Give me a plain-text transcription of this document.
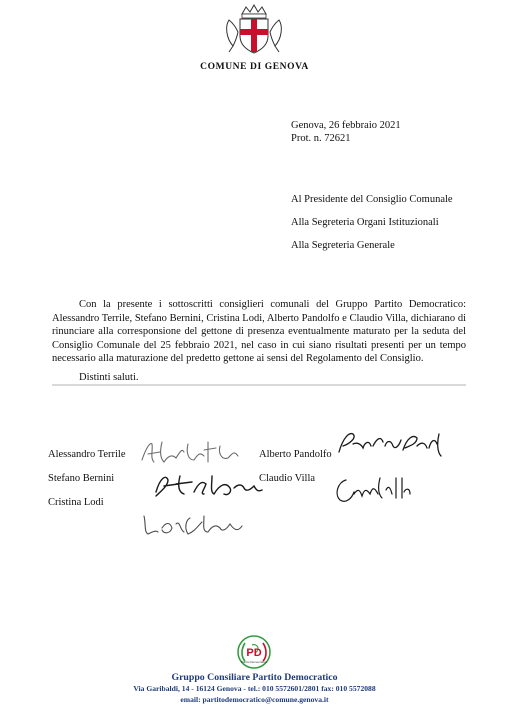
COMUNE DI GENOVA
Genova, 26 febbraio 2021
Prot. n. 72621
Al Presidente del Consiglio Comunale
Alla Segreteria Organi Istituzionali
Alla Segreteria Generale
Con la presente i sottoscritti consiglieri comunali del Gruppo Partito Democratico: Alessandro Terrile, Stefano Bernini, Cristina Lodi, Alberto Pandolfo e Claudio Villa, dichiarano di rinunciare alla corresponsione del gettone di presenza eventualmente maturato per la seduta del Consiglio Comunale del 25 febbraio 2021, nel caso in cui siano risultati presenti per un tempo necessario alla maturazione del predetto gettone ai sensi del Regolamento del Consiglio.
Distinti saluti.
Alessandro Terrile
Stefano Bernini
Cristina Lodi
Alberto Pandolfo
Claudio Villa
PD
Partito Democratico
Gruppo Consiliare Partito Democratico
Via Garibaldi, 14 - 16124 Genova - tel.: 010 5572601/2801 fax: 010 5572088
email: partitodemocratico@comune.genova.it
